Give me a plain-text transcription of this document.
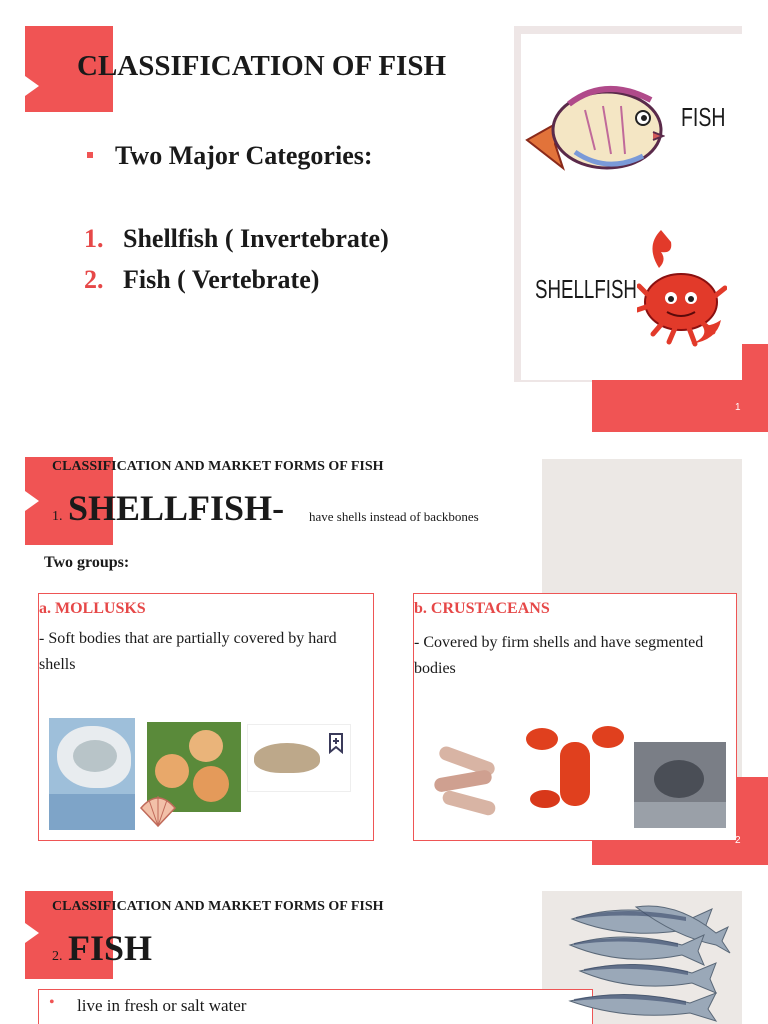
CLASSIFICATION OF FISH
Two Major Categories:
1. Shellfish ( Invertebrate)
2. Fish ( Vertebrate)
FISH
SHELLFISH
1
CLASSIFICATION AND MARKET FORMS OF FISH
1. SHELLFISH- have shells instead of backbones
Two groups:
a. MOLLUSKS
- Soft bodies that are partially covered by hard shells
b. CRUSTACEANS
- Covered by firm shells and have segmented bodies
2
CLASSIFICATION AND MARKET FORMS OF FISH
2. FISH
• live in fresh or salt water
